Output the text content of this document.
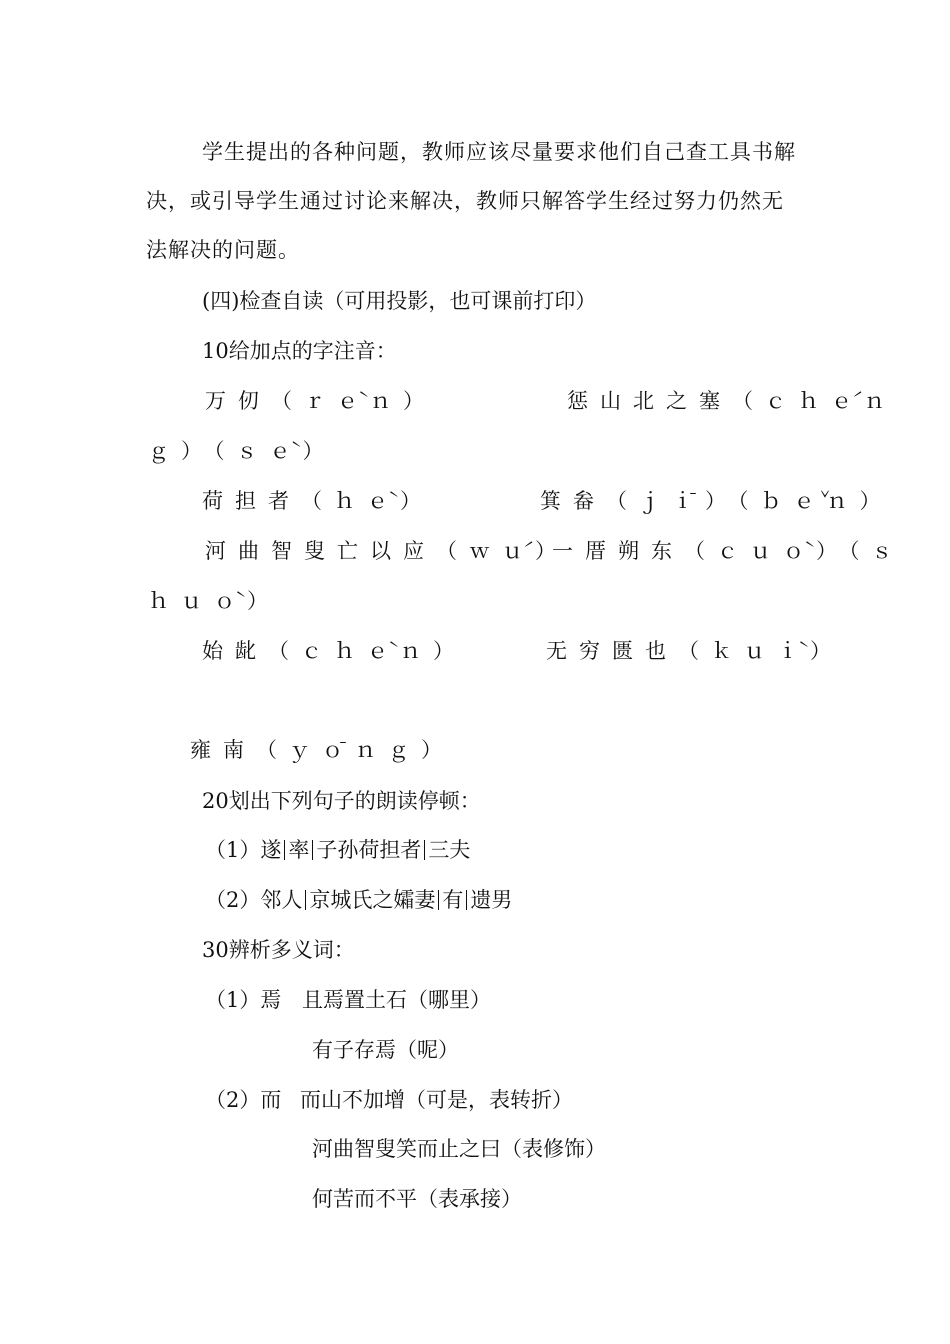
学生提出的各种问题，教师应该尽量要求他们自己查工具书解
决，或引导学生通过讨论来解决，教师只解答学生经过努力仍然无
法解决的问题。
(四)检查自读（可用投影，也可课前打印）
10给加点的字注音：
万仞（ｒｅ̀ｎ）	惩山北之塞（ｃｈｅ́ｎ
ｇ）（ｓｅ̀）
荷担者（ｈｅ̀）	箕畚（ｊｉ̄）（ｂｅ̌ｎ）
河曲智叟亡以应（ｗｕ́）
一厝朔东（ｃｕｏ̀）（ｓ
ｈｕｏ̀）
始龀（ｃｈｅ̀ｎ）	无穷匮也（ｋｕｉ̀）
雍南（ｙｏ̄ｎｇ）
20划出下列句子的朗读停顿：
（1）遂 率 子孙荷担者 三夫
（2）邻人 京城氏之孀妻 有 遗男
30辨析多义词：
（1）焉 且焉置土石（哪里）
有子存焉（呢）
（2）而 而山不加增（可是，表转折）
河曲智叟笑而止之曰（表修饰）
何苦而不平（表承接）
